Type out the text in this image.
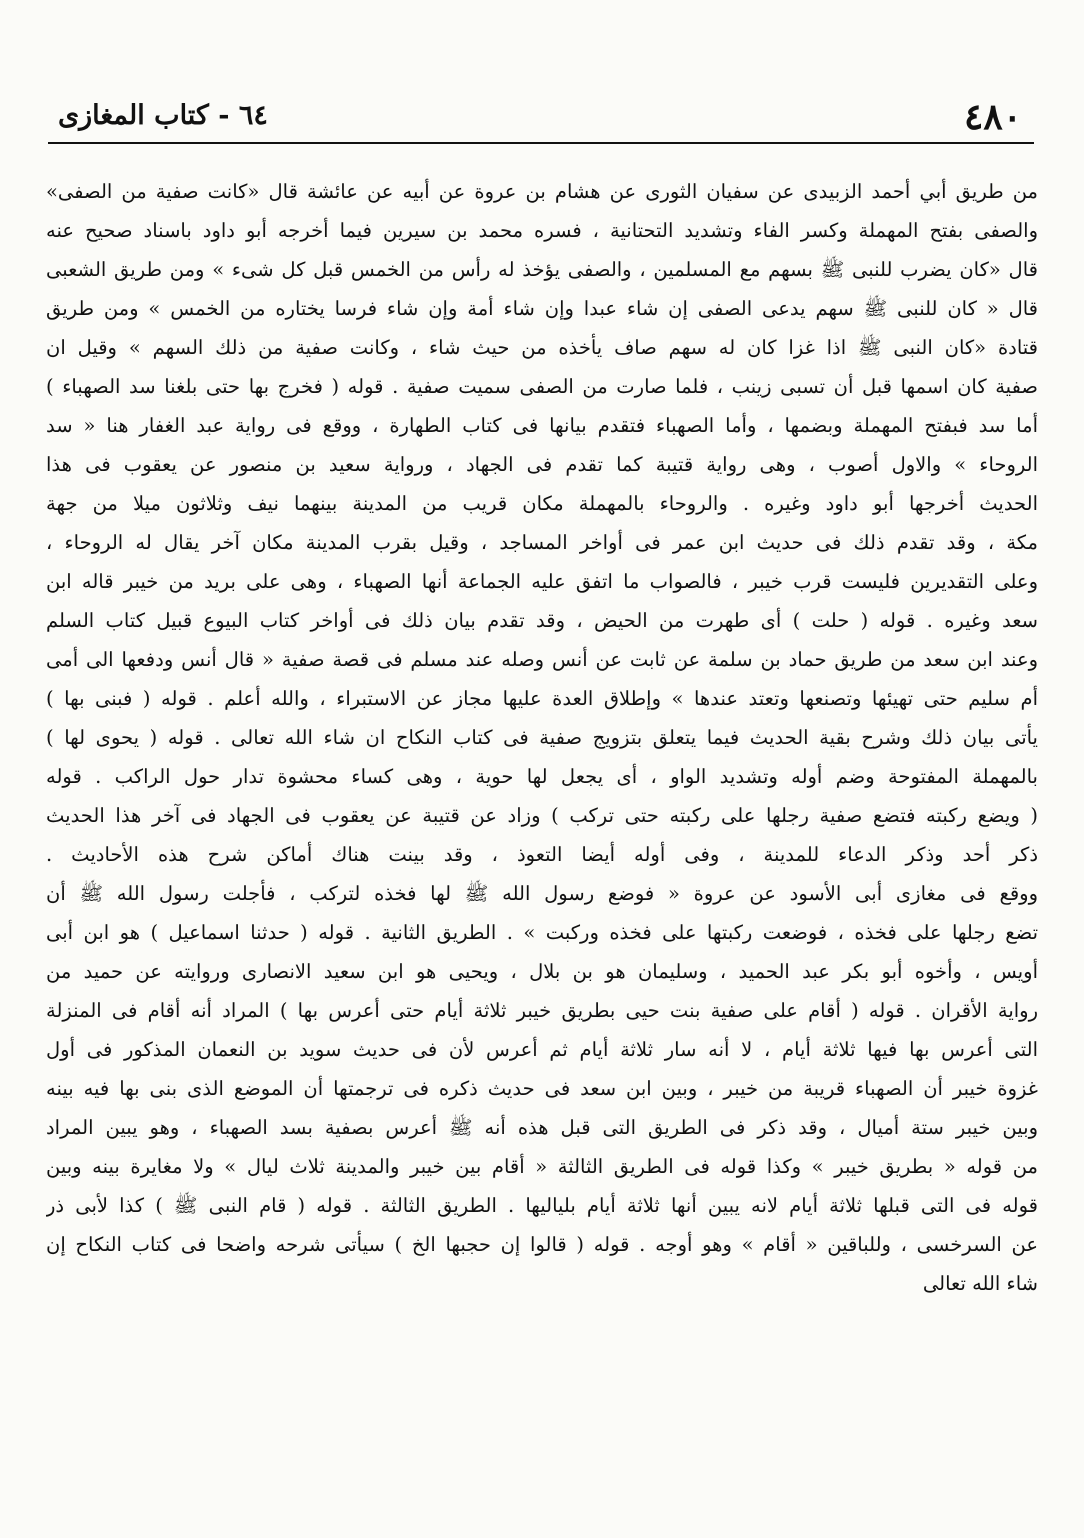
٤٨٠
٦٤ - كتاب المغازى
من طريق أبي أحمد الزبيدى عن سفيان الثورى عن هشام بن عروة عن أبيه عن عائشة قال «كانت صفية من الصفى»
والصفى بفتح المهملة وكسر الفاء وتشديد التحتانية ، فسره محمد بن سيرين فيما أخرجه أبو داود باسناد صحيح عنه
قال «كان يضرب للنبى ﷺ بسهم مع المسلمين ، والصفى يؤخذ له رأس من الخمس قبل كل شىء » ومن طريق الشعبى
قال « كان للنبى ﷺ سهم يدعى الصفى إن شاء عبدا وإن شاء أمة وإن شاء فرسا يختاره من الخمس » ومن طريق
قتادة «كان النبى ﷺ اذا غزا كان له سهم صاف يأخذه من حيث شاء ، وكانت صفية من ذلك السهم » وقيل ان
صفية كان اسمها قبل أن تسبى زينب ، فلما صارت من الصفى سميت صفية . قوله ( فخرج بها حتى بلغنا سد الصهباء )
أما سد فبفتح المهملة وبضمها ، وأما الصهباء فتقدم بيانها فى كتاب الطهارة ، ووقع فى رواية عبد الغفار هنا « سد
الروحاء » والاول أصوب ، وهى رواية قتيبة كما تقدم فى الجهاد ، ورواية سعيد بن منصور عن يعقوب فى هذا
الحديث أخرجها أبو داود وغيره . والروحاء بالمهملة مكان قريب من المدينة بينهما نيف وثلاثون ميلا من جهة
مكة ، وقد تقدم ذلك فى حديث ابن عمر فى أواخر المساجد ، وقيل بقرب المدينة مكان آخر يقال له الروحاء ،
وعلى التقديرين فليست قرب خيبر ، فالصواب ما اتفق عليه الجماعة أنها الصهباء ، وهى على بريد من خيبر قاله ابن
سعد وغيره . قوله ( حلت ) أى طهرت من الحيض ، وقد تقدم بيان ذلك فى أواخر كتاب البيوع قبيل كتاب السلم
وعند ابن سعد من طريق حماد بن سلمة عن ثابت عن أنس وصله عند مسلم فى قصة صفية « قال أنس ودفعها الى أمى
أم سليم حتى تهيئها وتصنعها وتعتد عندها » وإطلاق العدة عليها مجاز عن الاستبراء ، والله أعلم . قوله ( فبنى بها )
يأتى بيان ذلك وشرح بقية الحديث فيما يتعلق بتزويج صفية فى كتاب النكاح ان شاء الله تعالى . قوله ( يحوى لها )
بالمهملة المفتوحة وضم أوله وتشديد الواو ، أى يجعل لها حوية ، وهى كساء محشوة تدار حول الراكب . قوله
( ويضع ركبته فتضع صفية رجلها على ركبته حتى تركب ) وزاد عن قتيبة عن يعقوب فى الجهاد فى آخر هذا الحديث
ذكر أحد وذكر الدعاء للمدينة ، وفى أوله أيضا التعوذ ، وقد بينت هناك أماكن شرح هذه الأحاديث .
ووقع فى مغازى أبى الأسود عن عروة « فوضع رسول الله ﷺ لها فخذه لتركب ، فأجلت رسول الله ﷺ أن
تضع رجلها على فخذه ، فوضعت ركبتها على فخذه وركبت » . الطريق الثانية . قوله ( حدثنا اسماعيل ) هو ابن أبى
أويس ، وأخوه أبو بكر عبد الحميد ، وسليمان هو بن بلال ، ويحيى هو ابن سعيد الانصارى وروايته عن حميد من
رواية الأقران . قوله ( أقام على صفية بنت حيى بطريق خيبر ثلاثة أيام حتى أعرس بها ) المراد أنه أقام فى المنزلة
التى أعرس بها فيها ثلاثة أيام ، لا أنه سار ثلاثة أيام ثم أعرس لأن فى حديث سويد بن النعمان المذكور فى أول
غزوة خيبر أن الصهباء قريبة من خيبر ، وبين ابن سعد فى حديث ذكره فى ترجمتها أن الموضع الذى بنى بها فيه بينه
وبين خيبر ستة أميال ، وقد ذكر فى الطريق التى قبل هذه أنه ﷺ أعرس بصفية بسد الصهباء ، وهو يبين المراد
من قوله « بطريق خيبر » وكذا قوله فى الطريق الثالثة « أقام بين خيبر والمدينة ثلاث ليال » ولا مغايرة بينه وبين
قوله فى التى قبلها ثلاثة أيام لانه يبين أنها ثلاثة أيام بلياليها . الطريق الثالثة . قوله ( قام النبى ﷺ ) كذا لأبى ذر
عن السرخسى ، وللباقين « أقام » وهو أوجه . قوله ( قالوا إن حجبها الخ ) سيأتى شرحه واضحا فى كتاب النكاح إن
شاء الله تعالى
